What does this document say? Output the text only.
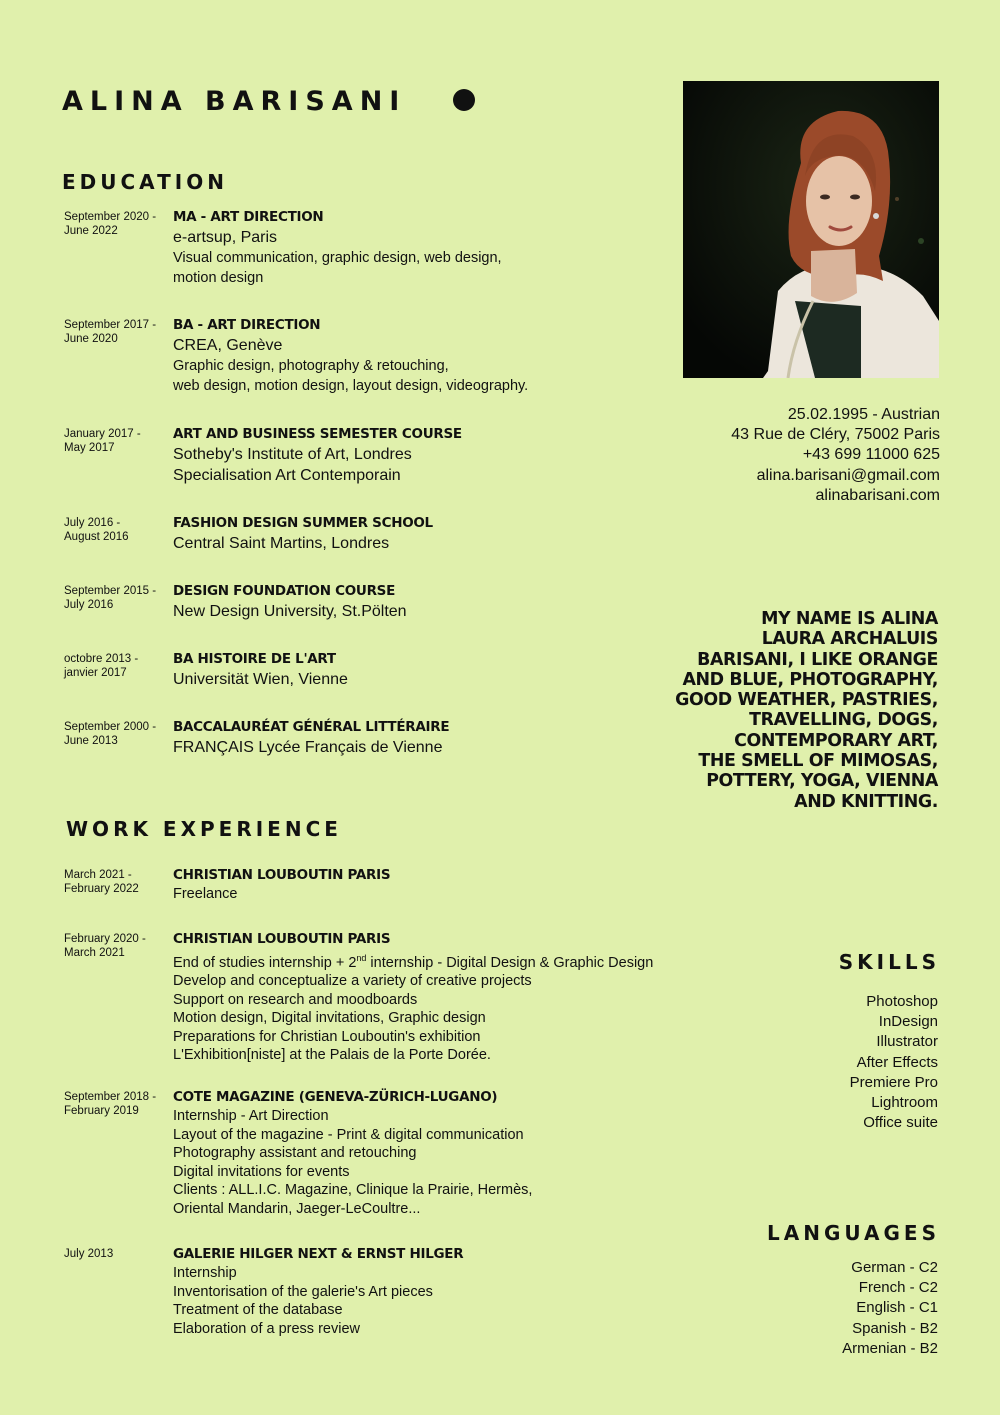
ALINA BARISANI
EDUCATION
September 2020 -
June 2022
MA - ART DIRECTION
e-artsup, Paris
Visual communication, graphic design, web design,
motion design
September 2017 -
June 2020
BA - ART DIRECTION
CREA, Genève
Graphic design, photography & retouching,
web design, motion design, layout design, videography.
January 2017 -
May 2017
ART AND BUSINESS SEMESTER COURSE
Sotheby's Institute of Art, Londres
Specialisation Art Contemporain
July 2016 -
August 2016
FASHION DESIGN SUMMER SCHOOL
Central Saint Martins, Londres
September 2015 -
July 2016
DESIGN FOUNDATION COURSE
New Design University, St.Pölten
octobre 2013 -
janvier 2017
BA HISTOIRE DE L'ART
Universität Wien, Vienne
September 2000 -
June 2013
BACCALAURÉAT GÉNÉRAL LITTÉRAIRE
FRANÇAIS Lycée Français de Vienne
WORK EXPERIENCE
March 2021 -
February 2022
CHRISTIAN LOUBOUTIN PARIS
Freelance
February 2020 -
March 2021
CHRISTIAN LOUBOUTIN PARIS
End of studies internship + 2nd internship - Digital Design & Graphic Design
Develop and conceptualize a variety of creative projects
Support on research and moodboards
Motion design, Digital invitations, Graphic design
Preparations for Christian Louboutin's exhibition
L'Exhibition[niste] at the Palais de la Porte Dorée.
September 2018 -
February 2019
COTE MAGAZINE (GENEVA-ZÜRICH-LUGANO)
Internship - Art Direction
Layout of the magazine - Print & digital communication
Photography assistant and retouching
Digital invitations for events
Clients : ALL.I.C. Magazine, Clinique la Prairie, Hermès,
Oriental Mandarin, Jaeger-LeCoultre...
July 2013	GALERIE HILGER NEXT & ERNST HILGER
Internship
Inventorisation of the galerie's Art pieces
Treatment of the database
Elaboration of a press review
25.02.1995 - Austrian
43 Rue de Cléry, 75002 Paris
+43 699 11000 625
alina.barisani@gmail.com
alinabarisani.com
MY NAME IS ALINA
LAURA ARCHALUIS
BARISANI, I LIKE ORANGE
AND BLUE, PHOTOGRAPHY,
GOOD WEATHER, PASTRIES,
TRAVELLING, DOGS,
CONTEMPORARY ART,
THE SMELL OF MIMOSAS,
POTTERY, YOGA, VIENNA
AND KNITTING.
SKILLS
Photoshop
InDesign
Illustrator
After Effects
Premiere Pro
Lightroom
Office suite
LANGUAGES
German - C2
French - C2
English - C1
Spanish - B2
Armenian - B2
